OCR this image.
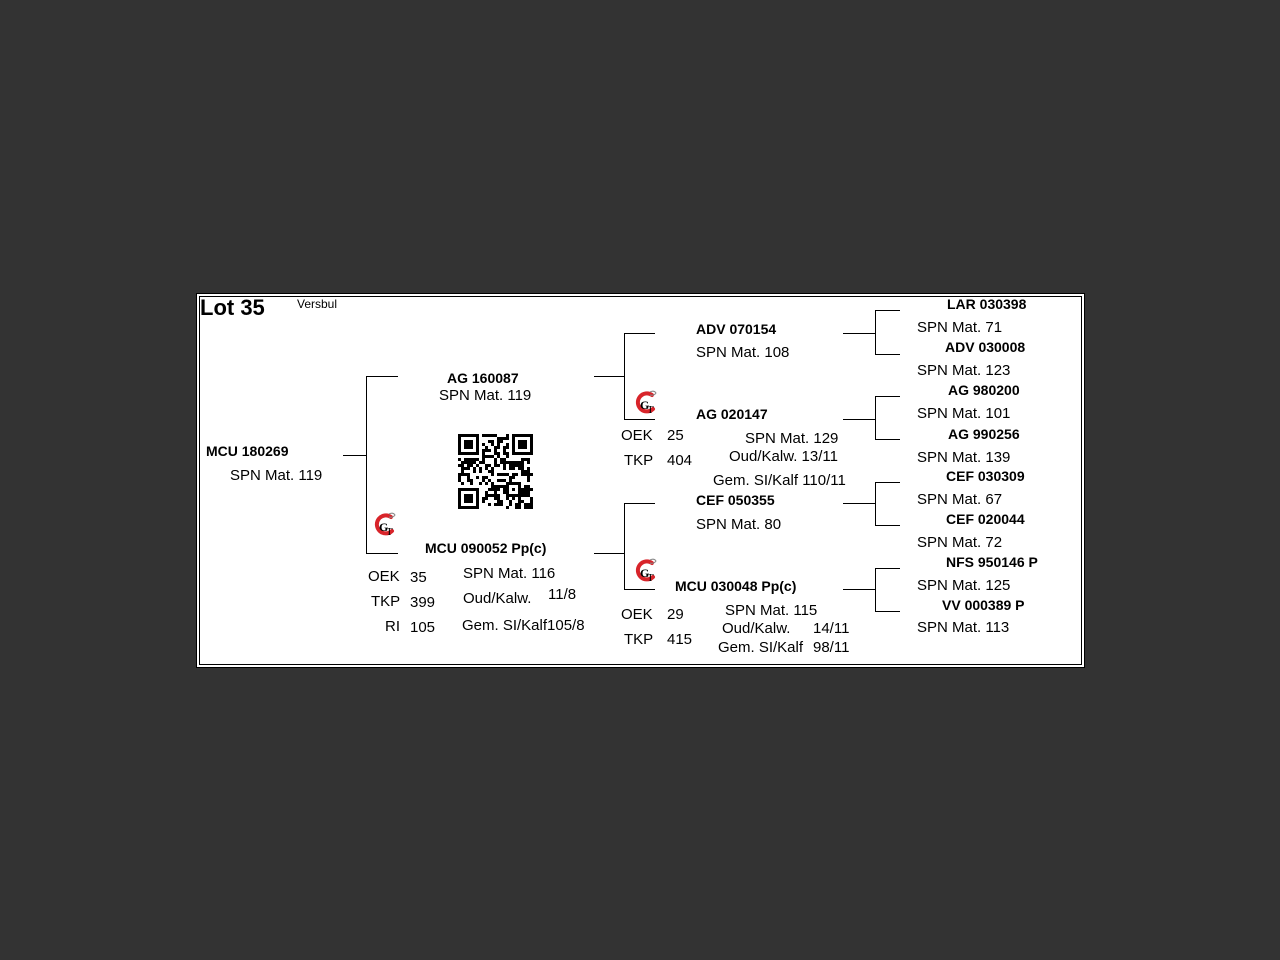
Lot 35	Versbul
MCU 180269
SPN Mat. 119
AG 160087
SPN Mat. 119
G
T
MCU 090052 Pp(c)
SPN Mat. 116
OEK 35
TKP 399
RI 105
Oud/Kalw. 11/8
Gem. SI/Kalf105/8
ADV 070154
SPN Mat. 108
G
T	AG 020147
SPN Mat. 129
Oud/Kalw. 13/11
Gem. SI/Kalf 110/11
OEK 25
TKP 404
CEF 050355
SPN Mat. 80
G
T MCU 030048 Pp(c)
SPN Mat. 115
OEK 29
TKP 415
Oud/Kalw. 14/11
Gem. SI/Kalf 98/11
LAR 030398
SPN Mat. 71
ADV 030008
SPN Mat. 123
AG 980200
SPN Mat. 101
AG 990256
SPN Mat. 139
CEF 030309
SPN Mat. 67
CEF 020044
SPN Mat. 72
NFS 950146 P
SPN Mat. 125
VV 000389 P
SPN Mat. 113
